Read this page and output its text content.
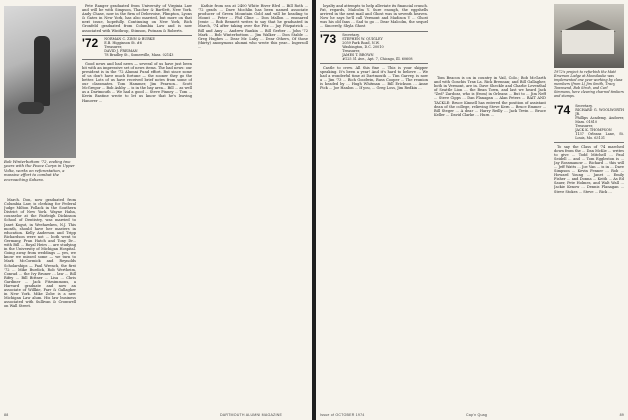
Bob Winterbottom '72, ending two years with the Peace Corps in Upper Volta, works on reforestation, a massive effort to combat the encroaching Sahara.

March. Don, now graduated from Columbia Law, is clerking for Federal Judge Milton Pollack in the Southern District of New York. Wayne Hahn, counselor at the Fairleigh Dickinson School of Dentistry, was married to Janet Kogut, in Weehawken, N.J. This month, should have her masters in education. Kelly Anderson and Tripp Richardson were not ... both went to Germany, Fran Hatch and Tony Dr... with Bill ... Royal Heirs ... are studying in the University of Michigan Hospital. Going away from weddings — yes, we know we missed some — we turn to Mark McCormick and Reynolds Scholarships — Paul Wrench, the first '72 ... Mike Burdick, Rob Wertheim, Conrad ... the Ivy Bruner ... law ... Bill Rifey ... Bill Bittner ... Lisa ... Chris Gardiner ... Jack Fitzsimmons, a Harvard graduate and now an associate of Willkie, Farr & Gallagher in New York. Mike Zobe is a new Michigan Law alum. His law business associated with Sullivan & Cromwell on Wall Street.

Pete Ranger graduated from University of Virginia Law and will be with Simpson, Thacher & Bartlett, New York. Andy Chase, now in the firm of Debevoise, Plimpton, Lyons & Gates in New York, has also married, but more on that next issue, hopefully. Continuing on New York, Rich Gronfeld graduated from Columbia Law and is now associated with Winthrop, Stimson, Putnam & Roberts.

'72 NORMAN C. ZINN & BURKE
E.B. Higginson St. #6
Treasurer,
DAVID J. FREIMAN
78 Bradley St., Somerville, Mass. 02143

Good news and bad news — several of us have just been hit with an impressive set of news items. The bad news: our president is in the '72 Alumni Fund effort. But since some of us don't have much fortune — the sooner they go the better. Lots of us have received brief notes from some of our classmates. Tom Hammer, Jim Pearson... Scott McGregor ... Bob Ashby ... is in the bay area... Bill ... as well as a Dartmouth ... We had a good ... Steve Pinney ... Tom ... Kevin Bastine wrote to let us know that he's leaving Hanover ...

Kathie from sea at 2400 White River Blvd ... Bill Roth ... '72 grads ... Dave Mochlin has been named associate producer of Green Mountain Gold and will be heading to Mount ... Peter ... Phil Cline ... Don Mallon ... ensnared Jessie ... Bob Bennett writes to say that he graduated in March, '74 after taking over the Fitz ... Jay Fitzpatrick ... Bill and Amy ... Andrew Rankin ... Bill Gerber ... John '72 Mark ... Bob Winterbottom ... Jim Walker ... Don Stable ... Greg Hughes ... Dear Mr. Luby ... Dear Others, Of those (thirty) anonymous alumni who wrote this year... Ingersoll ...

88	DARTMOUTH ALUMNI MAGAZINE

loyalty and attempts to help alleviate its financial crunch. Pat, regards, Malcolm Y. Sure enough, the eggshells arrived in the next mail and Ghost was in seventh heaven. Now he says he'll call Vermont and Madison Y ... Ghost was his old fans ... Sad to go ... Dear Malcolm, the sequel ... Sincerely, Shyla Ghost

'73 Secretary,
STEPHEN W. QUIGLEY
2059 Park Road, N.W.
Washington, D.C. 20010
Treasurer,
JAMES T. BROWN
#125 51 Ave., Apt. 7, Chicago, Ill. 60608

Castle to crew. All this fine ... This is your skipper speaking. It's been a year! And it's hard to believe ... We had a wonderful time at Dartmouth ... Tim Garvey, is now a ... Jim '73 ... Rich Goodwin, Russ Cooper ... The reunion is headed by ... Hugh Whitman ... Bill Erickson ... Anne Pick ... Joe Hanlon ... If you, ... Greg Loss, Jim Redkin ...

Tom Beacon is on in country in Vail, Colo.; Bob McGarth and with Gonchis Trax La. Rick Brennan; and Bill Gallagher, both in Vermont, are in. Dave Sheckle and Charlie Leventhal of Seattle Lion ... the Bean Town, and last we heard Jack "Zed" Zardozz, who is (from) in Orleans ... But to ... Jim Neff ... Steve Cipps ... Dan Flanagan ... Alan Peters ... BAIT AND TACKLE: Bruce Kinnell has entered the position of assistant dean of the college, relieving Steve Kern ... Bruce Emmer ... Bill Steger ... A dear ... Harry Reilly ... Jack Tevin ... Bruce Keller ... David Clarke ... Hurn ...

1972's project to refurbish the Matt Emerson Lodge at Moosilauke was implemented one year working by class members (from L) Jim Smith, Tracy Townsend, Bob Stroh, and Carl Simmons, here clearing charred timbers and stumps.
'74 Secretary,
RICHARD G. WOOLWORTH JR.
Phillips Academy, Andover, Mass. 01810
Treasurer,
JACK K. THOMPSON
1137 Orleans Lane, St. Louis, Mo. 63131

To say the Class of '74 marched down from the ... Dan McKie ... writes to give ... Todd Mitchell ... Paul Seidell ... and ... Tom Eggleston is ... Jay Rossmanow ... Richard ... this will ... Jeff Watts ... Joe Van ... is in ... Dave Simpson ... Kevin Fenner ... Rob ... Howard Young ... Janet ... Emily Fisher ... and Donna ... Keith ... As Ed Sauer, Pete Holmes, and Walt Wall ... Jackie Kenow ... Dennis Flanagan ... Steve Stokes ... Steve ... Rick ...

Issue of OCTOBER 1974	Cap'n Quag	89
